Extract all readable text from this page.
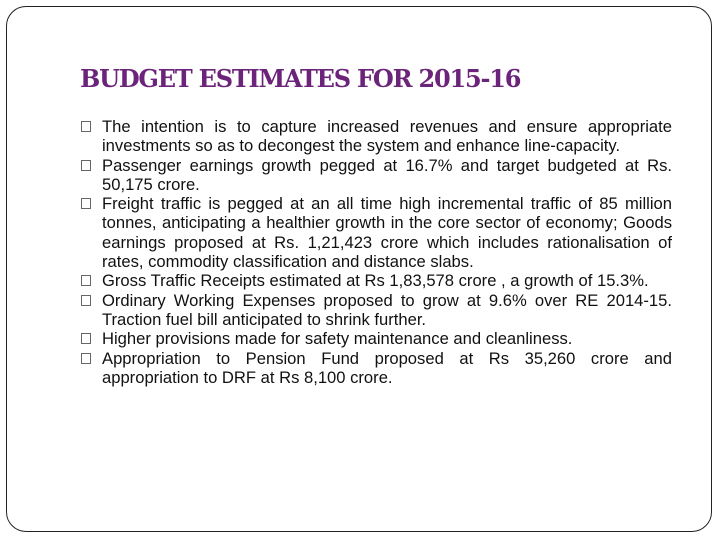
BUDGET ESTIMATES FOR 2015-16
The intention is to capture increased revenues and ensure appropriate investments so as to decongest the system and enhance line-capacity.
Passenger earnings growth pegged at 16.7% and target budgeted at Rs. 50,175 crore.
Freight traffic is pegged at an all time high incremental traffic of 85 million tonnes, anticipating a healthier growth in the core sector of economy; Goods earnings proposed at Rs. 1,21,423 crore which includes rationalisation of rates, commodity classification and distance slabs.
Gross Traffic Receipts estimated at Rs 1,83,578 crore , a growth of 15.3%.
Ordinary Working Expenses proposed to grow at 9.6% over RE 2014-15. Traction fuel bill anticipated to shrink further.
Higher provisions made for safety maintenance and cleanliness.
Appropriation to Pension Fund proposed at Rs 35,260 crore and appropriation to DRF at Rs 8,100 crore.
